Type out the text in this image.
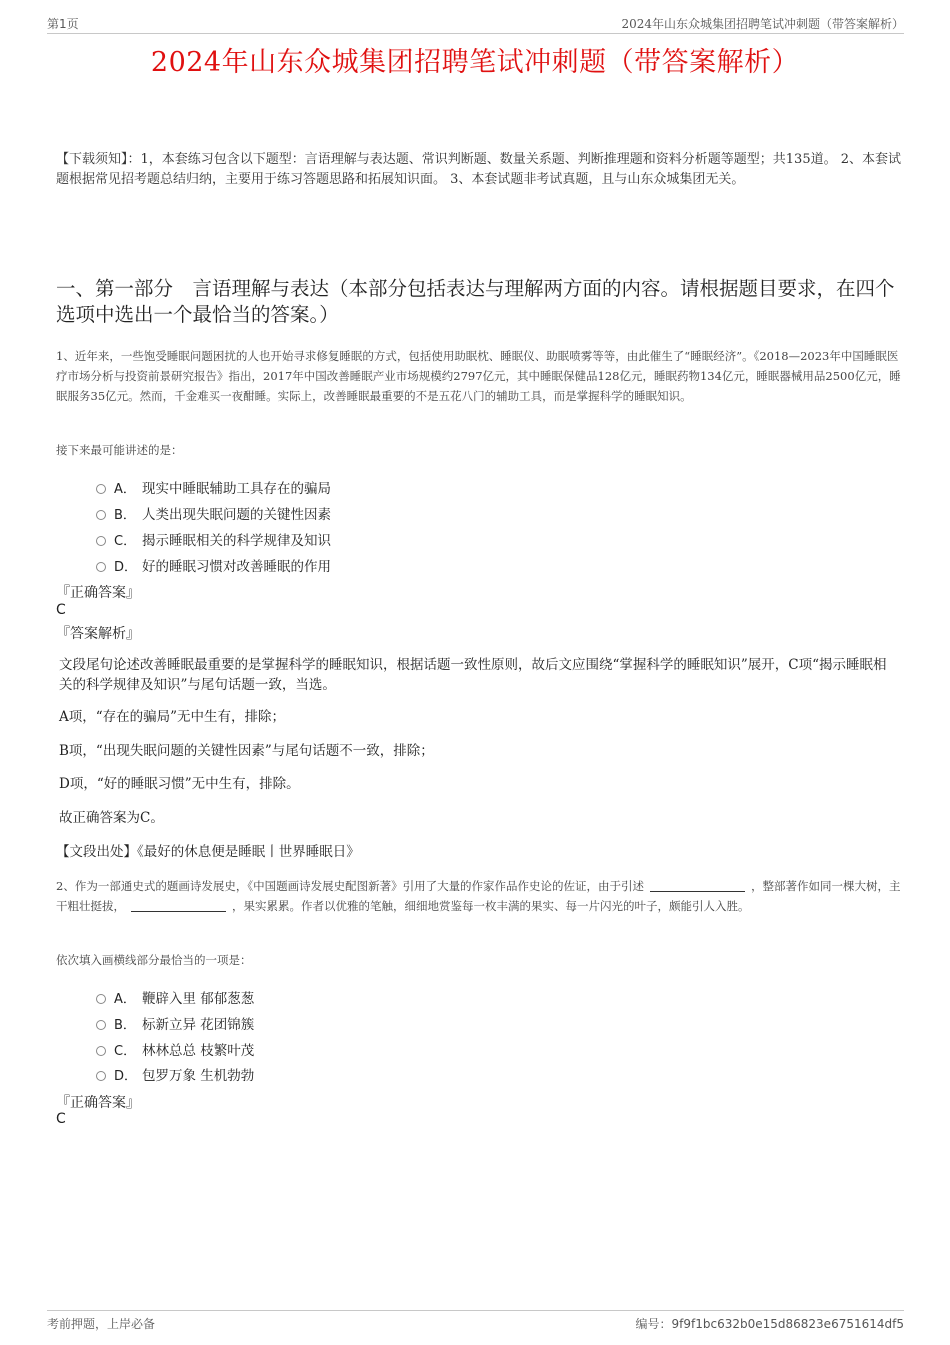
第1页	2024年山东众城集团招聘笔试冲刺题（带答案解析）
2024年山东众城集团招聘笔试冲刺题（带答案解析）
【下载须知】：1，本套练习包含以下题型：言语理解与表达题、常识判断题、数量关系题、判断推理题和资料分析题等题型；共135道。 2、本套试题根据常见招考题总结归纳，主要用于练习答题思路和拓展知识面。 3、本套试题非考试真题，且与山东众城集团无关。
一、第一部分　言语理解与表达（本部分包括表达与理解两方面的内容。请根据题目要求，在四个选项中选出一个最恰当的答案。）
1、近年来，一些饱受睡眠问题困扰的人也开始寻求修复睡眠的方式，包括使用助眠枕、睡眠仪、助眠喷雾等等，由此催生了“睡眠经济”。《2018—2023年中国睡眠医疗市场分析与投资前景研究报告》指出，2017年中国改善睡眠产业市场规模约2797亿元，其中睡眠保健品128亿元，睡眠药物134亿元，睡眠器械用品2500亿元，睡眠服务35亿元。然而，千金难买一夜酣睡。实际上，改善睡眠最重要的不是五花八门的辅助工具，而是掌握科学的睡眠知识。
接下来最可能讲述的是：
A． 现实中睡眠辅助工具存在的骗局
B． 人类出现失眠问题的关键性因素
C． 揭示睡眠相关的科学规律及知识
D． 好的睡眠习惯对改善睡眠的作用
『正确答案』
C
『答案解析』
文段尾句论述改善睡眠最重要的是掌握科学的睡眠知识，根据话题一致性原则，故后文应围绕“掌握科学的睡眠知识”展开，C项“揭示睡眠相关的科学规律及知识”与尾句话题一致，当选。
A项，“存在的骗局”无中生有，排除；
B项，“出现失眠问题的关键性因素”与尾句话题不一致，排除；
D项，“好的睡眠习惯”无中生有，排除。
故正确答案为C。
【文段出处】《最好的休息便是睡眠丨世界睡眠日》
2、作为一部通史式的题画诗发展史，《中国题画诗发展史配图新著》引用了大量的作家作品作史论的佐证，由于引述	，整部著作如同一棵大树，主干粗壮挺拔，	，果实累累。作者以优雅的笔触，细细地赏鉴每一枚丰满的果实、每一片闪光的叶子，颇能引人入胜。
依次填入画横线部分最恰当的一项是：
A． 鞭辟入里 郁郁葱葱
B． 标新立异 花团锦簇
C． 林林总总 枝繁叶茂
D． 包罗万象 生机勃勃
『正确答案』
C
考前押题，上岸必备	编号：9f9f1bc632b0e15d86823e6751614df5
